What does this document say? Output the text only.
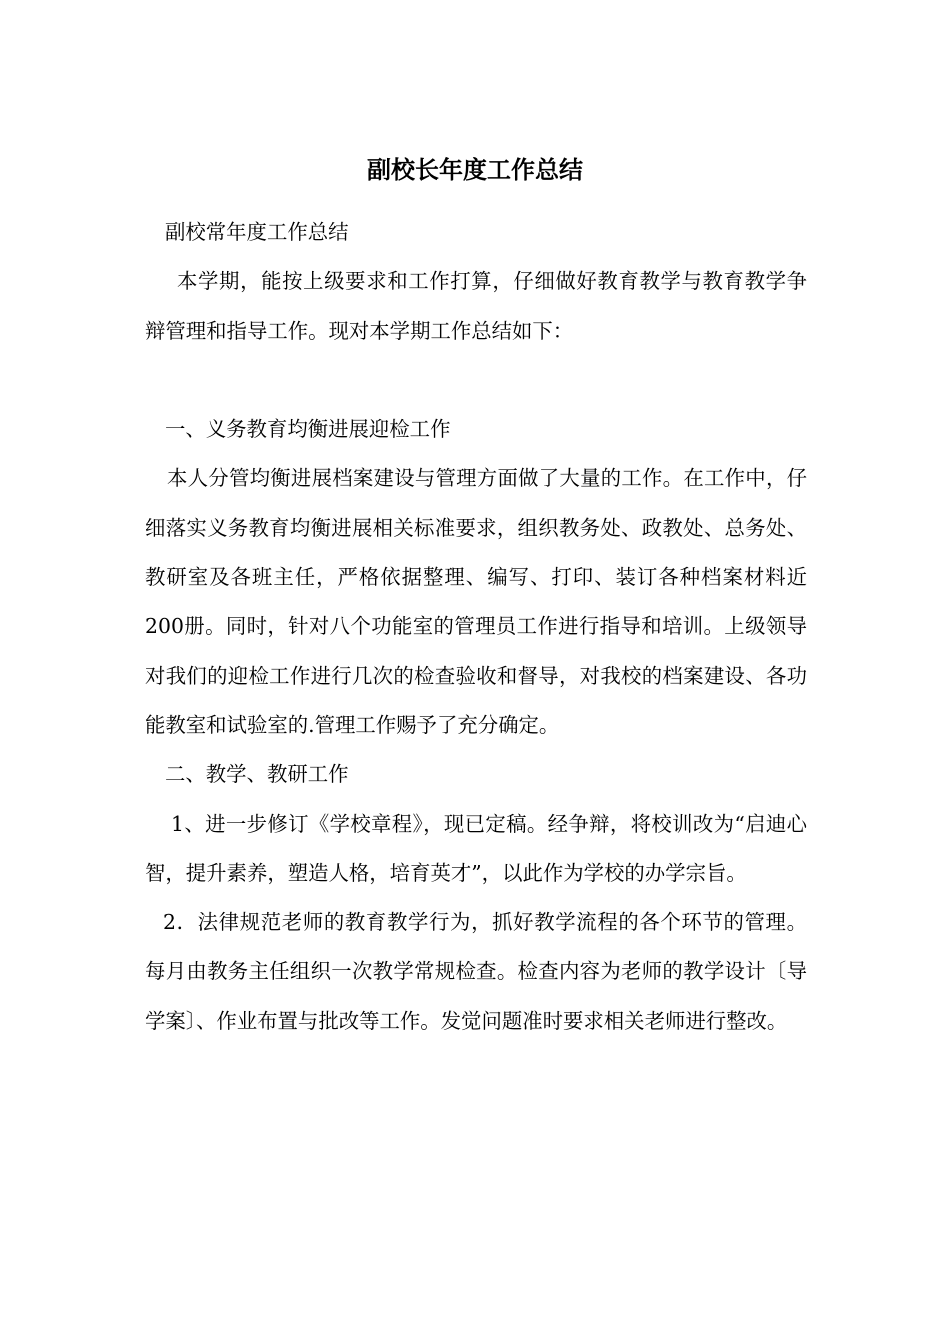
副校长年度工作总结

副校常年度工作总结

本学期，能按上级要求和工作打算，仔细做好教育教学与教育教学争辩管理和指导工作。现对本学期工作总结如下：

一、义务教育均衡进展迎检工作

本人分管均衡进展档案建设与管理方面做了大量的工作。在工作中，仔细落实义务教育均衡进展相关标准要求，组织教务处、政教处、总务处、教研室及各班主任，严格依据整理、编写、打印、装订各种档案材料近200册。同时，针对八个功能室的管理员工作进行指导和培训。上级领导对我们的迎检工作进行几次的检查验收和督导，对我校的档案建设、各功能教室和试验室的.管理工作赐予了充分确定。

二、教学、教研工作

1、进一步修订《学校章程》，现已定稿。经争辩，将校训改为“启迪心智，提升素养，塑造人格，培育英才”，以此作为学校的办学宗旨。

2．法律规范老师的教育教学行为，抓好教学流程的各个环节的管理。每月由教务主任组织一次教学常规检查。检查内容为老师的教学设计〔导学案〕、作业布置与批改等工作。发觉问题准时要求相关老师进行整改。
